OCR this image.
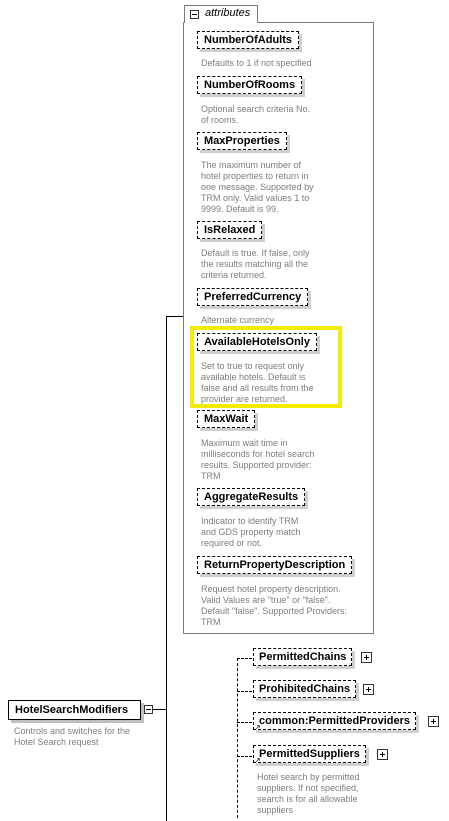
attributes
NumberOfAdults
Defaults to 1 if not specified
NumberOfRooms
Optional search criteria No.
of rooms.
MaxProperties
The maximum number of
hotel properties to return in
one message. Supported by
TRM only. Valid values 1 to
9999. Default is 99.
IsRelaxed
Default is true. If false, only
the results matching all the
criteria returned.
PreferredCurrency
Alternate currency
AvailableHotelsOnly
Set to true to request only
available hotels. Default is
false and all results from the
provider are returned.
MaxWait
Maximum wait time in
milliseconds for hotel search
results. Supported provider:
TRM
AggregateResults
Indicator to identify TRM
and GDS property match
required or not.
ReturnPropertyDescription
Request hotel property description.
Valid Values are "true" or "false".
Default "false". Supported Providers:
TRM
HotelSearchModifiers
Controls and switches for the
Hotel Search request
PermittedChains
ProhibitedChains
common:PermittedProviders
↗
PermittedSuppliers
↗
Hotel search by permitted
suppliers. If not specified,
search is for all allowable
suppliers
